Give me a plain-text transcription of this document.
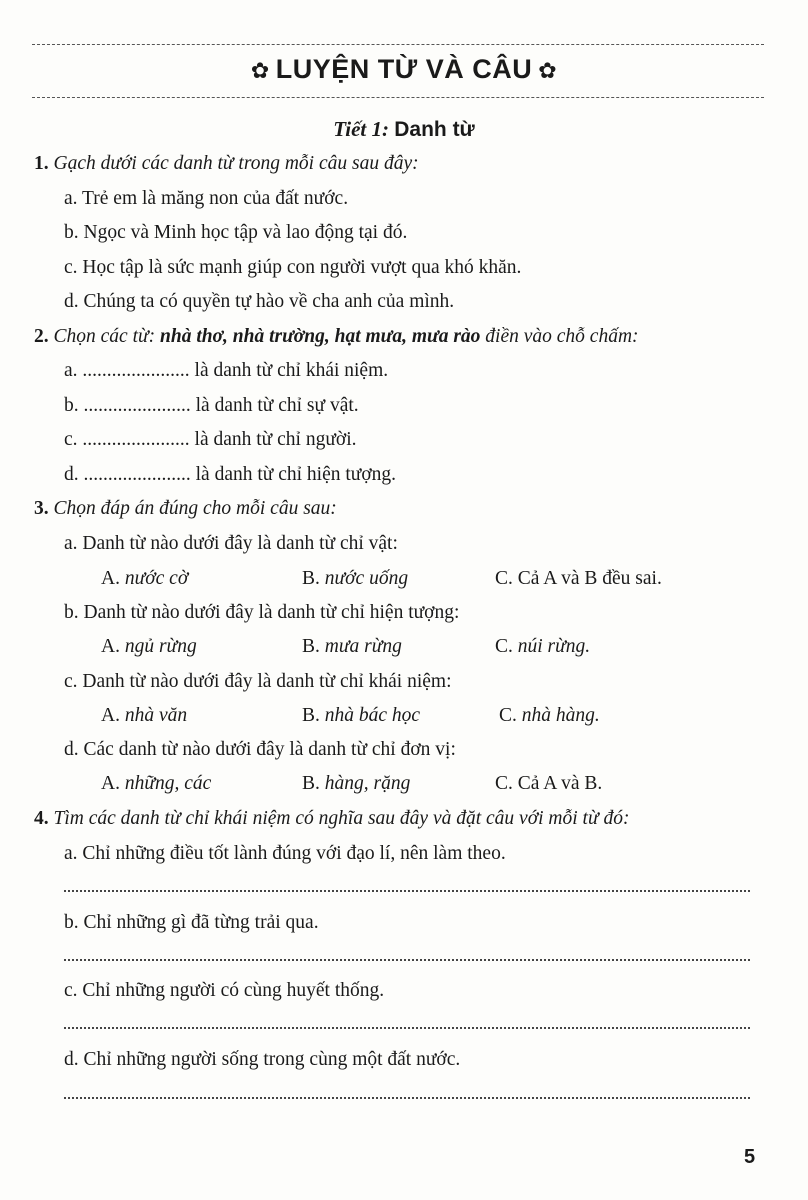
✿ LUYỆN TỪ VÀ CÂU ✿
Tiết 1: Danh từ
1. Gạch dưới các danh từ trong mỗi câu sau đây:
a. Trẻ em là măng non của đất nước.
b. Ngọc và Minh học tập và lao động tại đó.
c. Học tập là sức mạnh giúp con người vượt qua khó khăn.
d. Chúng ta có quyền tự hào về cha anh của mình.
2. Chọn các từ: nhà thơ, nhà trường, hạt mưa, mưa rào điền vào chỗ chấm:
a. ...................... là danh từ chỉ khái niệm.
b. ...................... là danh từ chỉ sự vật.
c. ...................... là danh từ chỉ người.
d. ...................... là danh từ chỉ hiện tượng.
3. Chọn đáp án đúng cho mỗi câu sau:
a. Danh từ nào dưới đây là danh từ chỉ vật:
A. nước cờ	B. nước uống	C. Cả A và B đều sai.
b. Danh từ nào dưới đây là danh từ chỉ hiện tượng:
A. ngủ rừng	B. mưa rừng	C. núi rừng.
c. Danh từ nào dưới đây là danh từ chỉ khái niệm:
A. nhà văn	B. nhà bác học	C. nhà hàng.
d. Các danh từ nào dưới đây là danh từ chỉ đơn vị:
A. những, các	B. hàng, rặng	C. Cả A và B.
4. Tìm các danh từ chỉ khái niệm có nghĩa sau đây và đặt câu với mỗi từ đó:
a. Chỉ những điều tốt lành đúng với đạo lí, nên làm theo.
b. Chỉ những gì đã từng trải qua.
c. Chỉ những người có cùng huyết thống.
d. Chỉ những người sống trong cùng một đất nước.
5
